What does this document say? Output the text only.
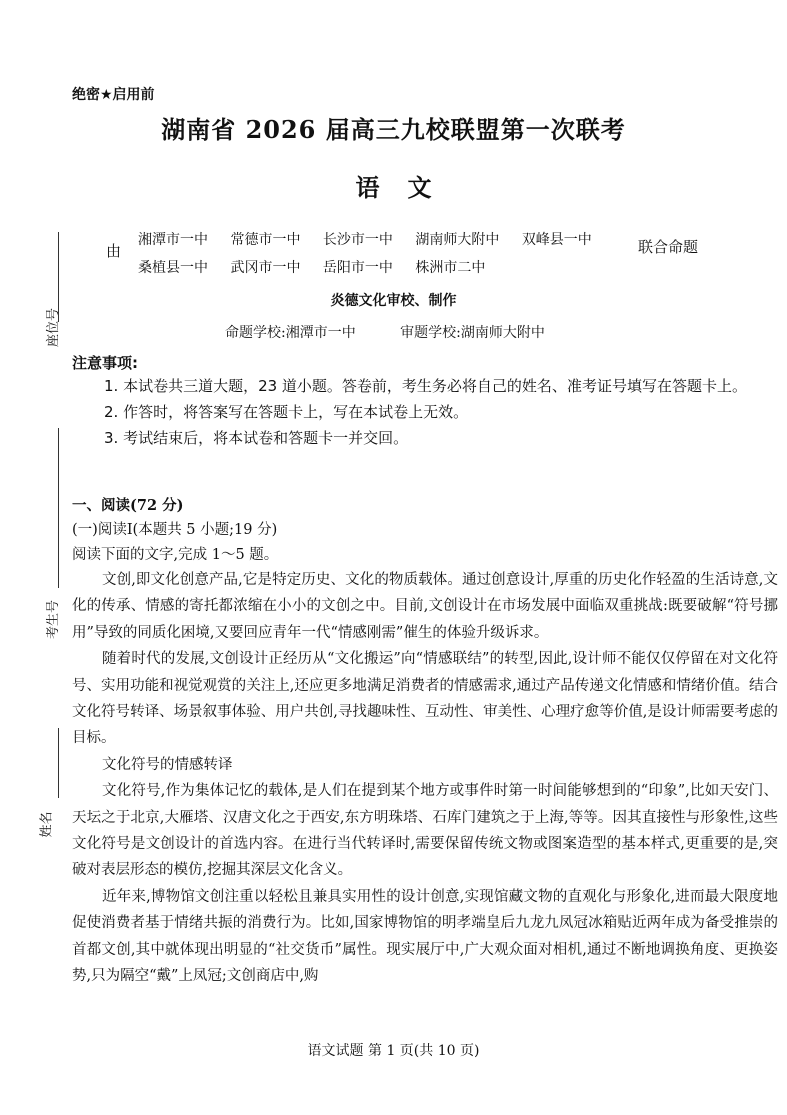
座位号
考生号
姓名
绝密★启用前
湖南省 2026 届高三九校联盟第一次联考
语文
由
湘潭市一中 常德市一中 长沙市一中 湖南师大附中 双峰县一中
桑植县一中 武冈市一中 岳阳市一中 株洲市二中
联合命题
炎德文化审校、制作
命题学校:湘潭市一中	审题学校:湖南师大附中
注意事项:

1. 本试卷共三道大题，23 道小题。答卷前，考生务必将自己的姓名、准考证号填写在答题卡上。

2. 作答时，将答案写在答题卡上，写在本试卷上无效。

3. 考试结束后，将本试卷和答题卡一并交回。

一、阅读(72 分)
(一)阅读Ⅰ(本题共 5 小题;19 分)
阅读下面的文字,完成 1～5 题。

文创,即文化创意产品,它是特定历史、文化的物质载体。通过创意设计,厚重的历史化作轻盈的生活诗意,文化的传承、情感的寄托都浓缩在小小的文创之中。目前,文创设计在市场发展中面临双重挑战:既要破解“符号挪用”导致的同质化困境,又要回应青年一代“情感刚需”催生的体验升级诉求。

随着时代的发展,文创设计正经历从“文化搬运”向“情感联结”的转型,因此,设计师不能仅仅停留在对文化符号、实用功能和视觉观赏的关注上,还应更多地满足消费者的情感需求,通过产品传递文化情感和情绪价值。结合文化符号转译、场景叙事体验、用户共创,寻找趣味性、互动性、审美性、心理疗愈等价值,是设计师需要考虑的目标。

文化符号的情感转译

文化符号,作为集体记忆的载体,是人们在提到某个地方或事件时第一时间能够想到的“印象”,比如天安门、天坛之于北京,大雁塔、汉唐文化之于西安,东方明珠塔、石库门建筑之于上海,等等。因其直接性与形象性,这些文化符号是文创设计的首选内容。在进行当代转译时,需要保留传统文物或图案造型的基本样式,更重要的是,突破对表层形态的模仿,挖掘其深层文化含义。

近年来,博物馆文创注重以轻松且兼具实用性的设计创意,实现馆藏文物的直观化与形象化,进而最大限度地促使消费者基于情绪共振的消费行为。比如,国家博物馆的明孝端皇后九龙九凤冠冰箱贴近两年成为备受推崇的首都文创,其中就体现出明显的“社交货币”属性。现实展厅中,广大观众面对相机,通过不断地调换角度、更换姿势,只为隔空“戴”上凤冠;文创商店中,购

语文试题 第 1 页(共 10 页)
